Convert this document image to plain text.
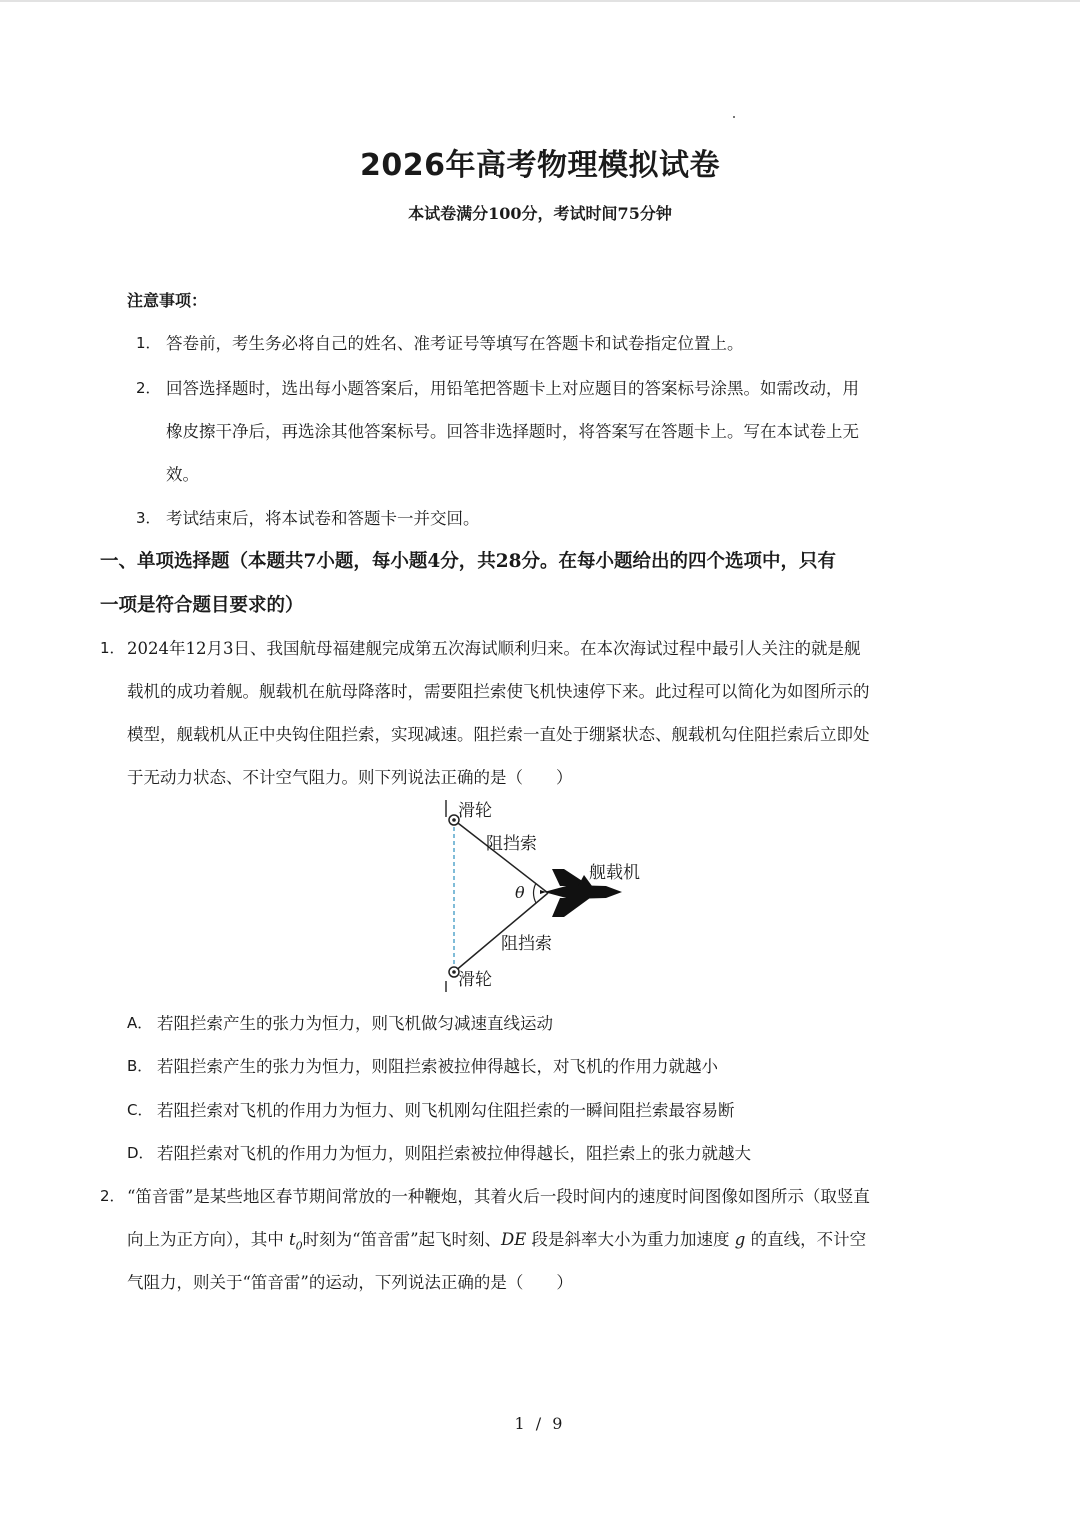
2026年高考物理模拟试卷
本试卷满分100分，考试时间75分钟
注意事项：
1． 答卷前，考生务必将自己的姓名、准考证号等填写在答题卡和试卷指定位置上。
2． 回答选择题时，选出每小题答案后，用铅笔把答题卡上对应题目的答案标号涂黑。如需改动，用
橡皮擦干净后，再选涂其他答案标号。回答非选择题时，将答案写在答题卡上。写在本试卷上无
效。
3． 考试结束后，将本试卷和答题卡一并交回。
一、单项选择题（本题共7小题，每小题4分，共28分。在每小题给出的四个选项中，只有
一项是符合题目要求的）
1． 2024年12月3日、我国航母福建舰完成第五次海试顺利归来。在本次海试过程中最引人关注的就是舰
载机的成功着舰。舰载机在航母降落时，需要阻拦索使飞机快速停下来。此过程可以简化为如图所示的
模型，舰载机从正中央钩住阻拦索，实现减速。阻拦索一直处于绷紧状态、舰载机勾住阻拦索后立即处
于无动力状态、不计空气阻力。则下列说法正确的是（　　）
滑轮
滑轮
阻挡索
阻挡索
舰载机
θ
A． 若阻拦索产生的张力为恒力，则飞机做匀减速直线运动
B． 若阻拦索产生的张力为恒力，则阻拦索被拉伸得越长，对飞机的作用力就越小
C． 若阻拦索对飞机的作用力为恒力、则飞机刚勾住阻拦索的一瞬间阻拦索最容易断
D． 若阻拦索对飞机的作用力为恒力，则阻拦索被拉伸得越长，阻拦索上的张力就越大
2． “笛音雷”是某些地区春节期间常放的一种鞭炮，其着火后一段时间内的速度时间图像如图所示（取竖直
向上为正方向），其中 $t_0$时刻为“笛音雷”起飞时刻、DE 段是斜率大小为重力加速度 g 的直线，不计空
气阻力，则关于“笛音雷”的运动，下列说法正确的是（　　）
1 / 9
